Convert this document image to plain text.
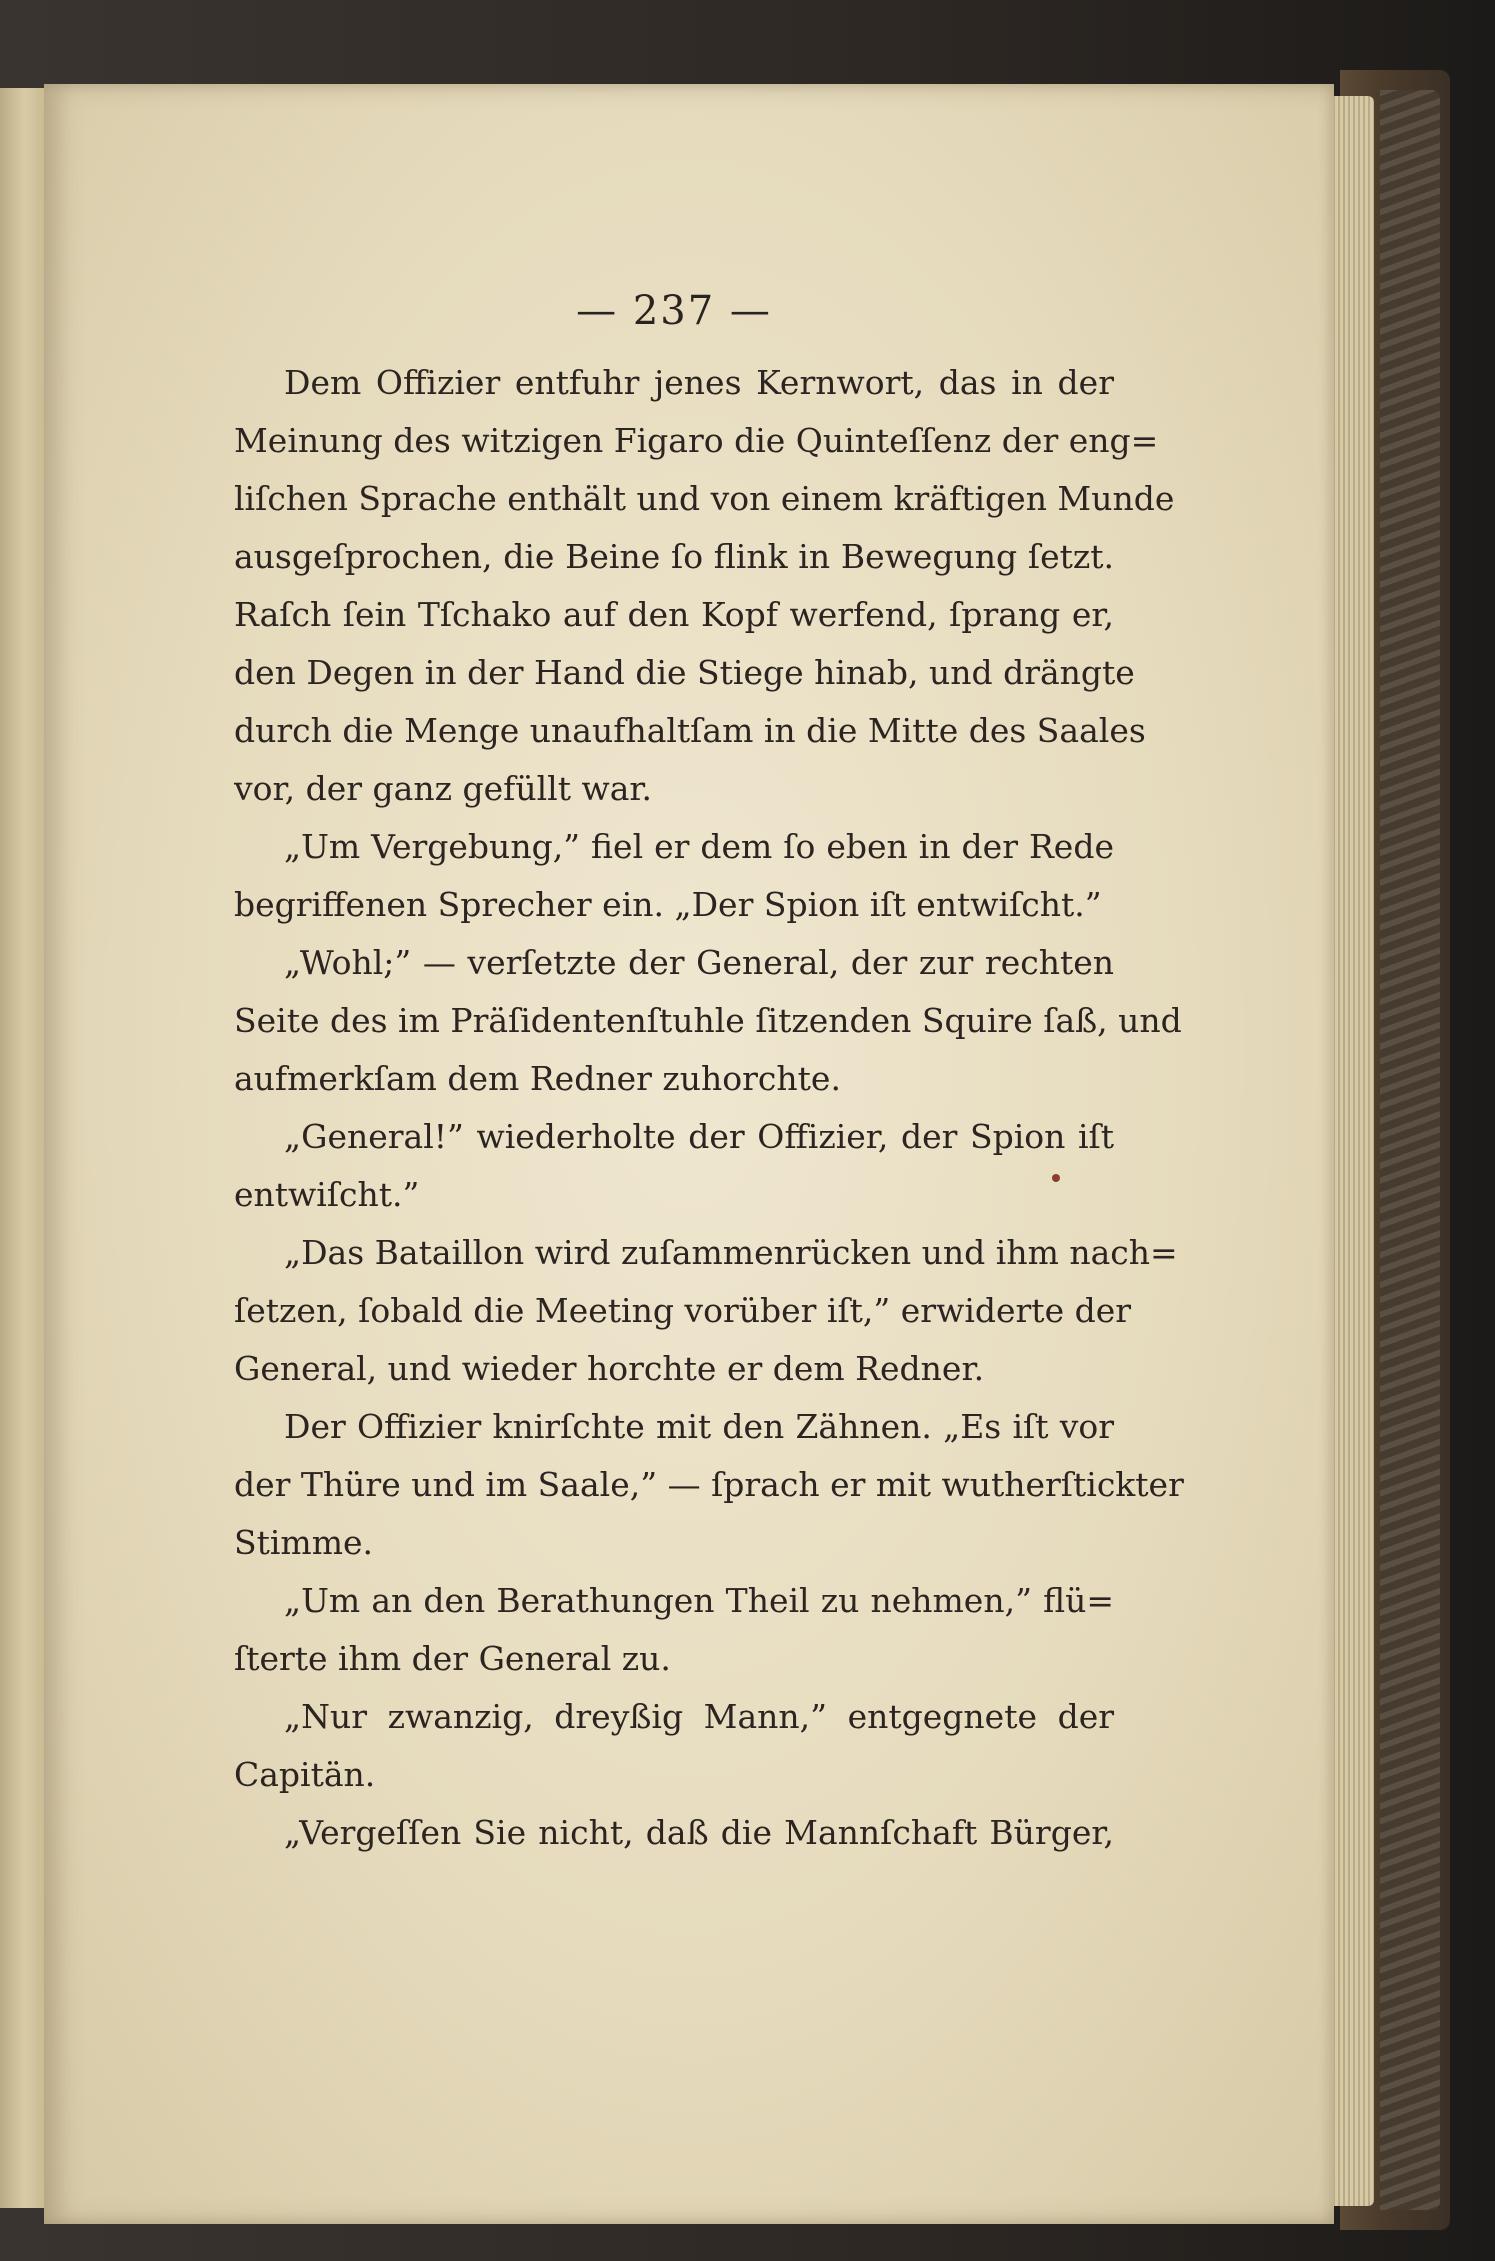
— 237 —
Dem Offizier entfuhr jenes Kernwort, das in der
Meinung des witzigen Figaro die Quinteſſenz der eng=
liſchen Sprache enthält und von einem kräftigen Munde
ausgeſprochen, die Beine ſo flink in Bewegung ſetzt.
Raſch ſein Tſchako auf den Kopf werfend, ſprang er,
den Degen in der Hand die Stiege hinab, und drängte
durch die Menge unaufhaltſam in die Mitte des Saales
vor, der ganz gefüllt war.
„Um Vergebung,” fiel er dem ſo eben in der Rede
begriffenen Sprecher ein. „Der Spion iſt entwiſcht.”
„Wohl;” — verſetzte der General, der zur rechten
Seite des im Präſidentenſtuhle ſitzenden Squire ſaß, und
aufmerkſam dem Redner zuhorchte.
„General!” wiederholte der Offizier, der Spion iſt
entwiſcht.”
„Das Bataillon wird zuſammenrücken und ihm nach=
ſetzen, ſobald die Meeting vorüber iſt,” erwiderte der
General, und wieder horchte er dem Redner.
Der Offizier knirſchte mit den Zähnen. „Es iſt vor
der Thüre und im Saale,” — ſprach er mit wutherſtickter
Stimme.
„Um an den Berathungen Theil zu nehmen,” flü=
ſterte ihm der General zu.
„Nur zwanzig, dreyßig Mann,” entgegnete der
Capitän.
„Vergeſſen Sie nicht, daß die Mannſchaft Bürger,
